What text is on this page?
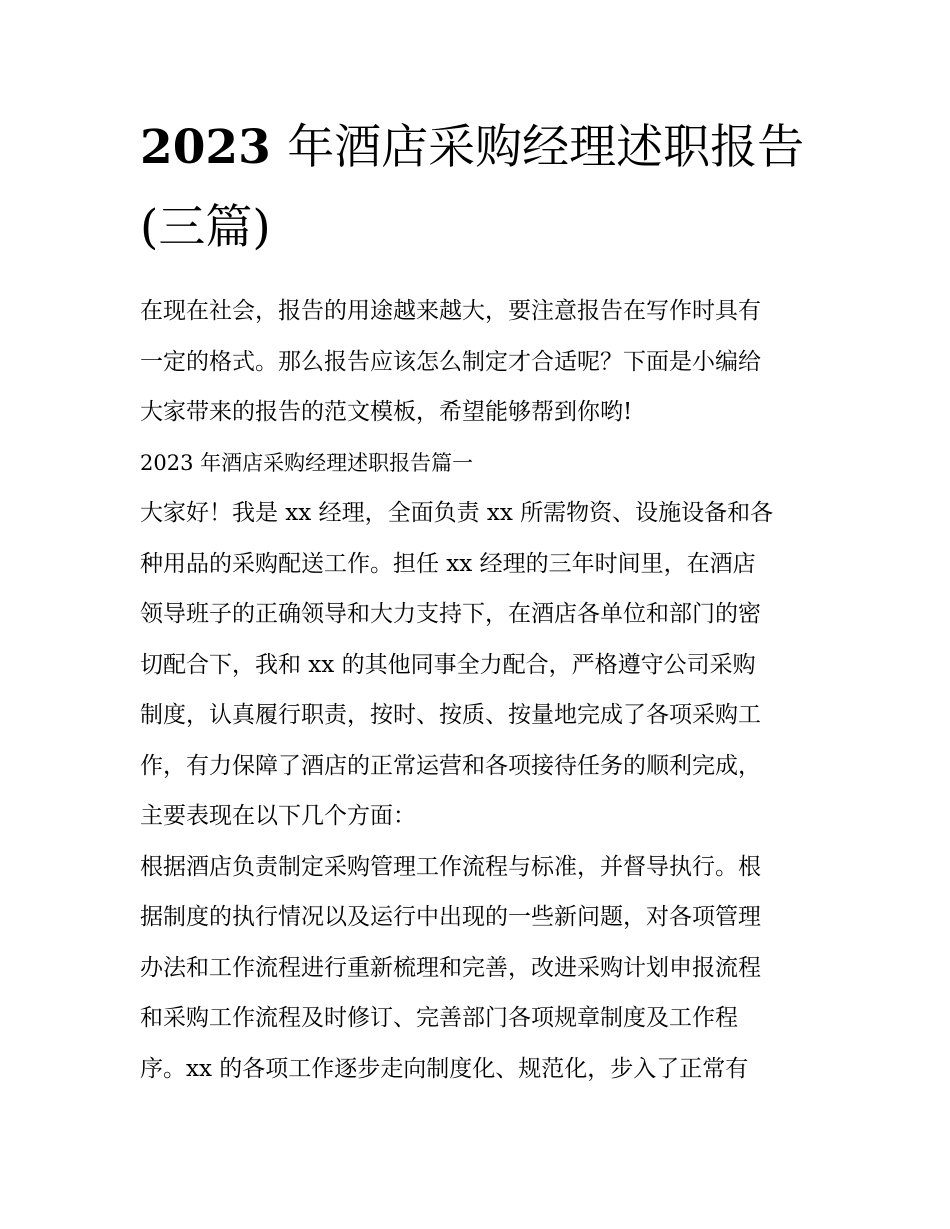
2023 年酒店采购经理述职报告
(三篇)
在现在社会，报告的用途越来越大，要注意报告在写作时具有
一定的格式。那么报告应该怎么制定才合适呢？下面是小编给
大家带来的报告的范文模板，希望能够帮到你哟!
2023 年酒店采购经理述职报告篇一
大家好！我是 xx 经理，全面负责 xx 所需物资、设施设备和各
种用品的采购配送工作。担任 xx 经理的三年时间里，在酒店
领导班子的正确领导和大力支持下，在酒店各单位和部门的密
切配合下，我和 xx 的其他同事全力配合，严格遵守公司采购
制度，认真履行职责，按时、按质、按量地完成了各项采购工
作，有力保障了酒店的正常运营和各项接待任务的顺利完成，
主要表现在以下几个方面：
根据酒店负责制定采购管理工作流程与标准，并督导执行。根
据制度的执行情况以及运行中出现的一些新问题，对各项管理
办法和工作流程进行重新梳理和完善，改进采购计划申报流程
和采购工作流程及时修订、完善部门各项规章制度及工作程
序。xx 的各项工作逐步走向制度化、规范化，步入了正常有
